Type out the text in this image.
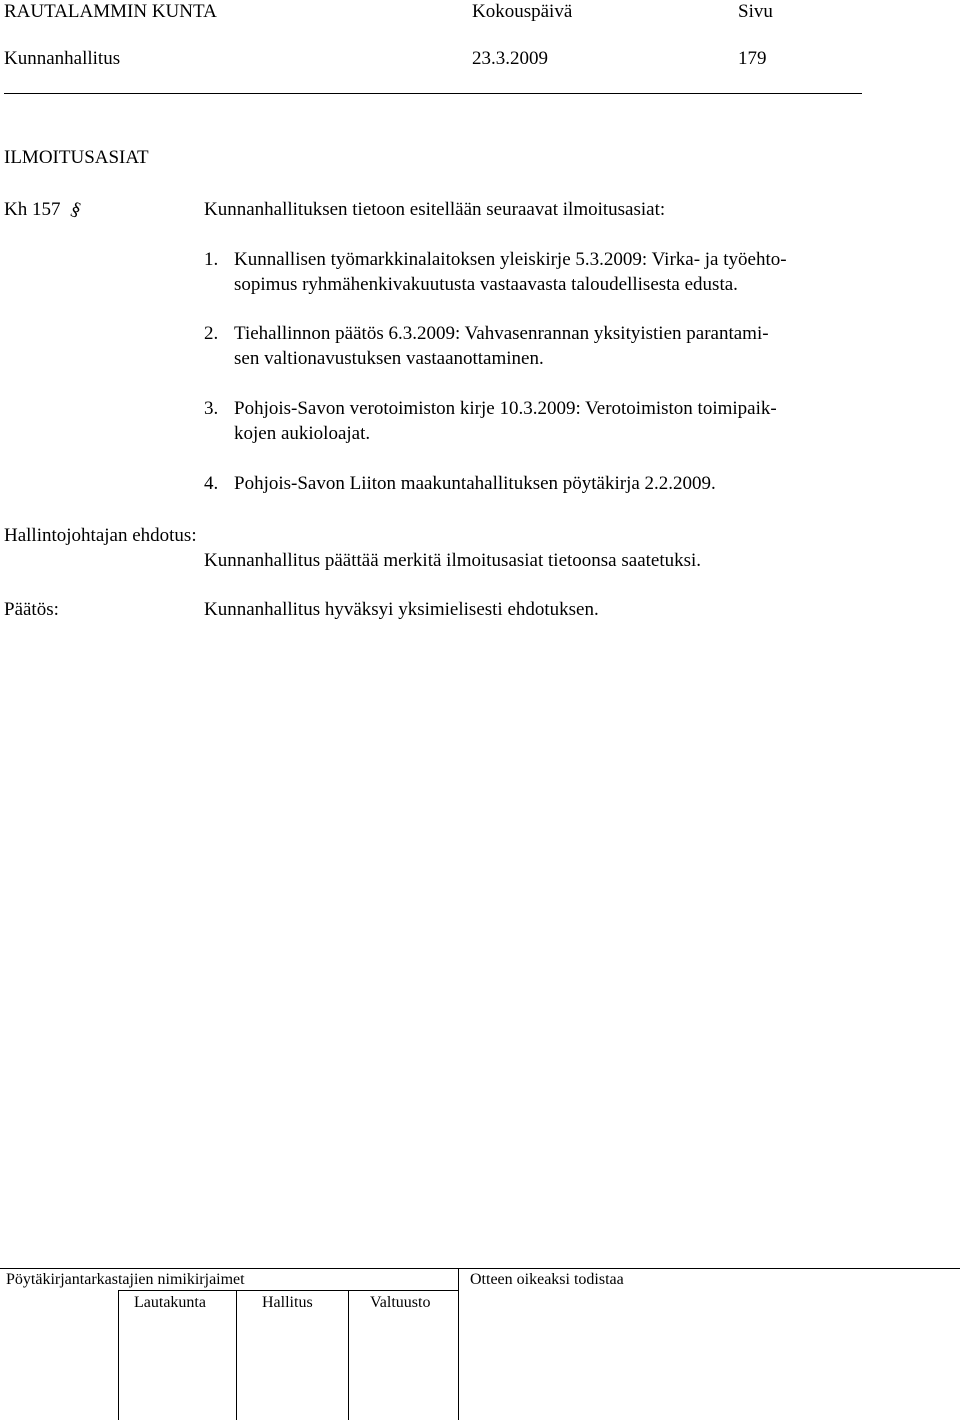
RAUTALAMMIN KUNTA	Kokouspäivä	Sivu
Kunnanhallitus	23.3.2009	179
ILMOITUSASIAT
Kh 157 §	Kunnanhallituksen tietoon esitellään seuraavat ilmoitusasiat:
1. Kunnallisen työmarkkinalaitoksen yleiskirje 5.3.2009: Virka- ja työehto-
sopimus ryhmähenkivakuutusta vastaavasta taloudellisesta edusta.
2. Tiehallinnon päätös 6.3.2009: Vahvasenrannan yksityistien parantami-
sen valtionavustuksen vastaanottaminen.
3. Pohjois-Savon verotoimiston kirje 10.3.2009: Verotoimiston toimipaik-
kojen aukioloajat.
4. Pohjois-Savon Liiton maakuntahallituksen pöytäkirja 2.2.2009.
Hallintojohtajan ehdotus:
Kunnanhallitus päättää merkitä ilmoitusasiat tietoonsa saatetuksi.
Päätös:	Kunnanhallitus hyväksyi yksimielisesti ehdotuksen.
Pöytäkirjantarkastajien nimikirjaimet	Otteen oikeaksi todistaa
Lautakunta	Hallitus	Valtuusto
